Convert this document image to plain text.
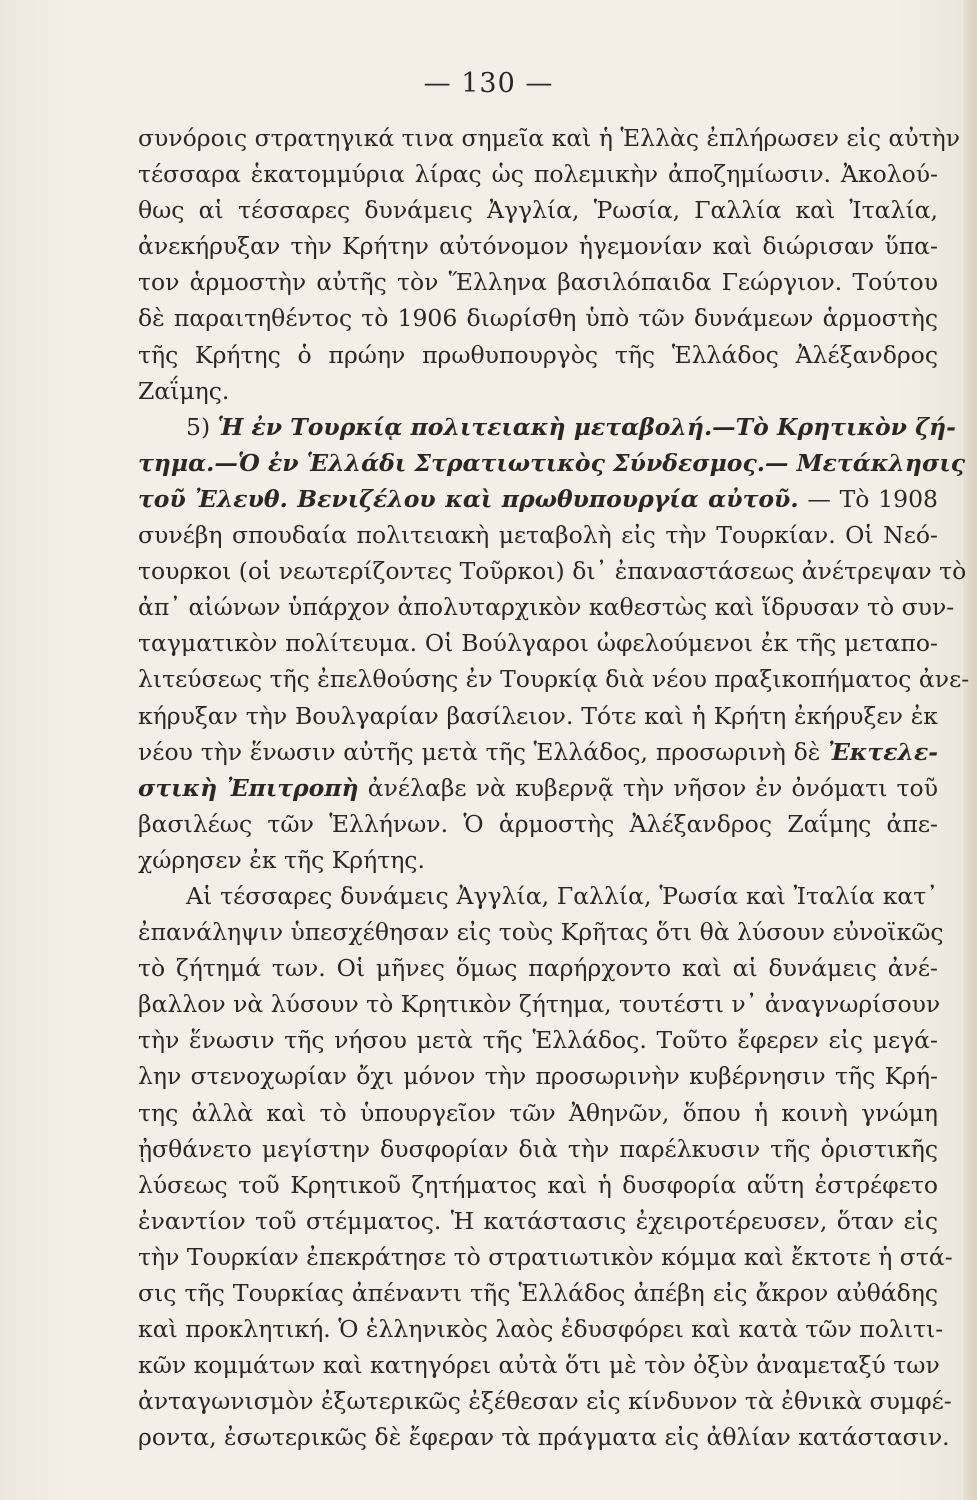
— 130 —
συνόροις στρατηγικά τινα σημεῖα καὶ ἡ Ἑλλὰς ἐπλήρωσεν εἰς αὐτὴν
τέσσαρα ἑκατομμύρια λίρας ὡς πολεμικὴν ἀποζημίωσιν. Ἀκολού-
θως αἱ τέσσαρες δυνάμεις Ἀγγλία, Ῥωσία, Γαλλία καὶ Ἰταλία,
ἀνεκήρυξαν τὴν Κρήτην αὐτόνομον ἡγεμονίαν καὶ διώρισαν ὕπα-
τον ἁρμοστὴν αὐτῆς τὸν Ἕλληνα βασιλόπαιδα Γεώργιον. Τούτου
δὲ παραιτηθέντος τὸ 1906 διωρίσθη ὑπὸ τῶν δυνάμεων ἁρμοστὴς
τῆς Κρήτης ὁ πρώην πρωθυπουργὸς τῆς Ἑλλάδος Ἀλέξανδρος
Ζαΐμης.
5) Ἡ ἐν Τουρκίᾳ πολιτειακὴ μεταβολή.—Τὸ Κρητικὸν ζή-
τημα.—Ὁ ἐν Ἑλλάδι Στρατιωτικὸς Σύνδεσμος.— Μετάκλησις
τοῦ Ἐλευθ. Βενιζέλου καὶ πρωθυπουργία αὐτοῦ. — Τὸ 1908
συνέβη σπουδαία πολιτειακὴ μεταβολὴ εἰς τὴν Τουρκίαν. Οἱ Νεό-
τουρκοι (οἱ νεωτερίζοντες Τοῦρκοι) δι᾿ ἐπαναστάσεως ἀνέτρεψαν τὸ
ἀπ᾿ αἰώνων ὑπάρχον ἀπολυταρχικὸν καθεστὼς καὶ ἵδρυσαν τὸ συν-
ταγματικὸν πολίτευμα. Οἱ Βούλγαροι ὠφελούμενοι ἐκ τῆς μεταπο-
λιτεύσεως τῆς ἐπελθούσης ἐν Τουρκίᾳ διὰ νέου πραξικοπήματος ἀνε-
κήρυξαν τὴν Βουλγαρίαν βασίλειον. Τότε καὶ ἡ Κρήτη ἐκήρυξεν ἐκ
νέου τὴν ἕνωσιν αὐτῆς μετὰ τῆς Ἑλλάδος, προσωρινὴ δὲ Ἐκτελε-
στικὴ Ἐπιτροπὴ ἀνέλαβε νὰ κυβερνᾷ τὴν νῆσον ἐν ὀνόματι τοῦ
βασιλέως τῶν Ἑλλήνων. Ὁ ἁρμοστὴς Ἀλέξανδρος Ζαΐμης ἀπε-
χώρησεν ἐκ τῆς Κρήτης.
Αἱ τέσσαρες δυνάμεις Ἀγγλία, Γαλλία, Ῥωσία καὶ Ἰταλία κατ᾿
ἐπανάληψιν ὑπεσχέθησαν εἰς τοὺς Κρῆτας ὅτι θὰ λύσουν εὐνοϊκῶς
τὸ ζήτημά των. Οἱ μῆνες ὅμως παρήρχοντο καὶ αἱ δυνάμεις ἀνέ-
βαλλον νὰ λύσουν τὸ Κρητικὸν ζήτημα, τουτέστι ν᾿ ἀναγνωρίσουν
τὴν ἕνωσιν τῆς νήσου μετὰ τῆς Ἑλλάδος. Τοῦτο ἔφερεν εἰς μεγά-
λην στενοχωρίαν ὄχι μόνον τὴν προσωρινὴν κυβέρνησιν τῆς Κρή-
της ἀλλὰ καὶ τὸ ὑπουργεῖον τῶν Ἀθηνῶν, ὅπου ἡ κοινὴ γνώμη
ᾐσθάνετο μεγίστην δυσφορίαν διὰ τὴν παρέλκυσιν τῆς ὁριστικῆς
λύσεως τοῦ Κρητικοῦ ζητήματος καὶ ἡ δυσφορία αὕτη ἐστρέφετο
ἐναντίον τοῦ στέμματος. Ἡ κατάστασις ἐχειροτέρευσεν, ὅταν εἰς
τὴν Τουρκίαν ἐπεκράτησε τὸ στρατιωτικὸν κόμμα καὶ ἔκτοτε ἡ στά-
σις τῆς Τουρκίας ἀπέναντι τῆς Ἑλλάδος ἀπέβη εἰς ἄκρον αὐθάδης
καὶ προκλητική. Ὁ ἑλληνικὸς λαὸς ἐδυσφόρει καὶ κατὰ τῶν πολιτι-
κῶν κομμάτων καὶ κατηγόρει αὐτὰ ὅτι μὲ τὸν ὀξὺν ἀναμεταξύ των
ἀνταγωνισμὸν ἐξωτερικῶς ἐξέθεσαν εἰς κίνδυνον τὰ ἐθνικὰ συμφέ-
ροντα, ἐσωτερικῶς δὲ ἔφεραν τὰ πράγματα εἰς ἀθλίαν κατάστασιν.
